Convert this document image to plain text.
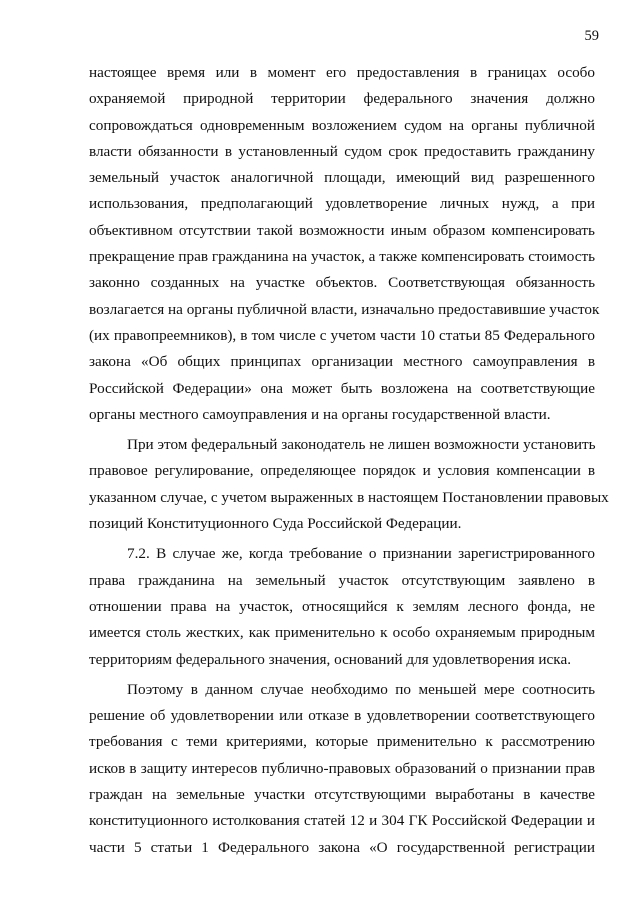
59
настоящее время или в момент его предоставления в границах особо
охраняемой природной территории федерального значения должно
сопровождаться одновременным возложением судом на органы публичной
власти обязанности в установленный судом срок предоставить гражданину
земельный участок аналогичной площади, имеющий вид разрешенного
использования, предполагающий удовлетворение личных нужд, а при
объективном отсутствии такой возможности иным образом компенсировать
прекращение прав гражданина на участок, а также компенсировать стоимость
законно созданных на участке объектов. Соответствующая обязанность
возлагается на органы публичной власти, изначально предоставившие участок
(их правопреемников), в том числе с учетом части 10 статьи 85 Федерального
закона «Об общих принципах организации местного самоуправления в
Российской Федерации» она может быть возложена на соответствующие
органы местного самоуправления и на органы государственной власти.
При этом федеральный законодатель не лишен возможности установить
правовое регулирование, определяющее порядок и условия компенсации в
указанном случае, с учетом выраженных в настоящем Постановлении правовых
позиций Конституционного Суда Российской Федерации.
7.2. В случае же, когда требование о признании зарегистрированного
права гражданина на земельный участок отсутствующим заявлено в
отношении права на участок, относящийся к землям лесного фонда, не
имеется столь жестких, как применительно к особо охраняемым природным
территориям федерального значения, оснований для удовлетворения иска.
Поэтому в данном случае необходимо по меньшей мере соотносить
решение об удовлетворении или отказе в удовлетворении соответствующего
требования с теми критериями, которые применительно к рассмотрению
исков в защиту интересов публично-правовых образований о признании прав
граждан на земельные участки отсутствующими выработаны в качестве
конституционного истолкования статей 12 и 304 ГК Российской Федерации и
части 5 статьи 1 Федерального закона «О государственной регистрации
